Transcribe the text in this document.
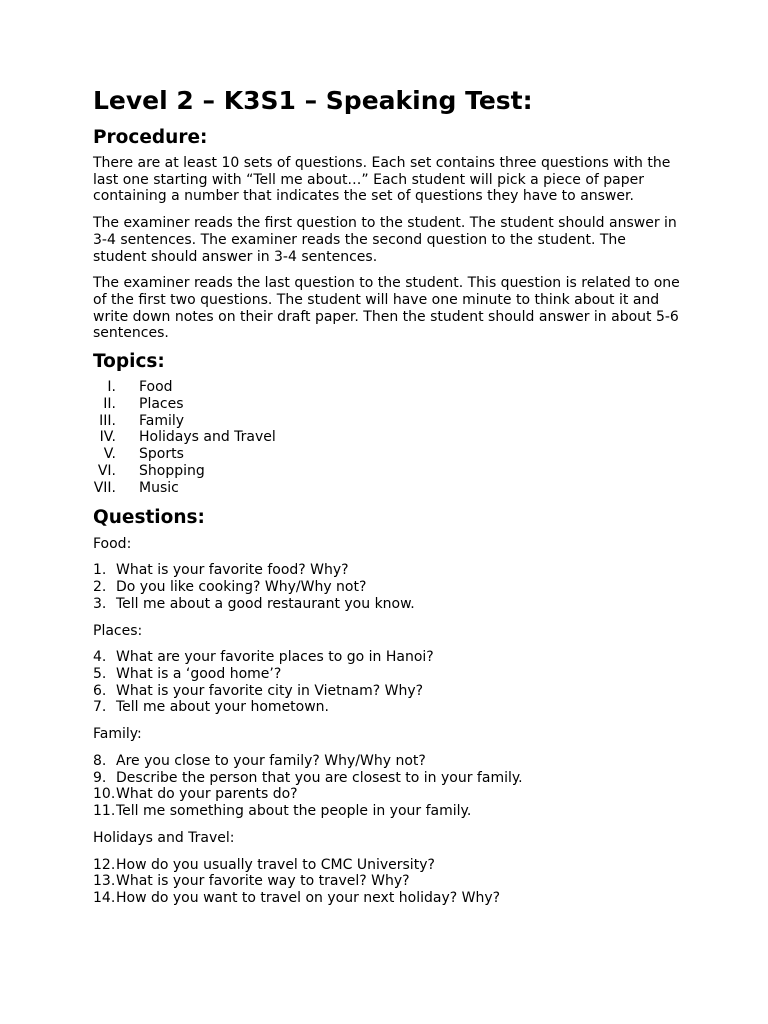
Level 2 – K3S1 – Speaking Test:
Procedure:

There are at least 10 sets of questions. Each set contains three questions with the last one starting with “Tell me about…” Each student will pick a piece of paper containing a number that indicates the set of questions they have to answer.

The examiner reads the first question to the student. The student should answer in 3-4 sentences. The examiner reads the second question to the student. The student should answer in 3-4 sentences.

The examiner reads the last question to the student. This question is related to one of the first two questions. The student will have one minute to think about it and write down notes on their draft paper. Then the student should answer in about 5-6 sentences.

Topics:
I. Food
II. Places
III. Family
IV. Holidays and Travel
V. Sports
VI. Shopping
VII. Music
Questions:
Food:
1. What is your favorite food? Why?
2. Do you like cooking? Why/Why not?
3. Tell me about a good restaurant you know.
Places:
4. What are your favorite places to go in Hanoi?
5. What is a ‘good home’?
6. What is your favorite city in Vietnam? Why?
7. Tell me about your hometown.
Family:
8. Are you close to your family? Why/Why not?
9. Describe the person that you are closest to in your family.
10. What do your parents do?
11. Tell me something about the people in your family.
Holidays and Travel:
12. How do you usually travel to CMC University?
13. What is your favorite way to travel? Why?
14. How do you want to travel on your next holiday? Why?
